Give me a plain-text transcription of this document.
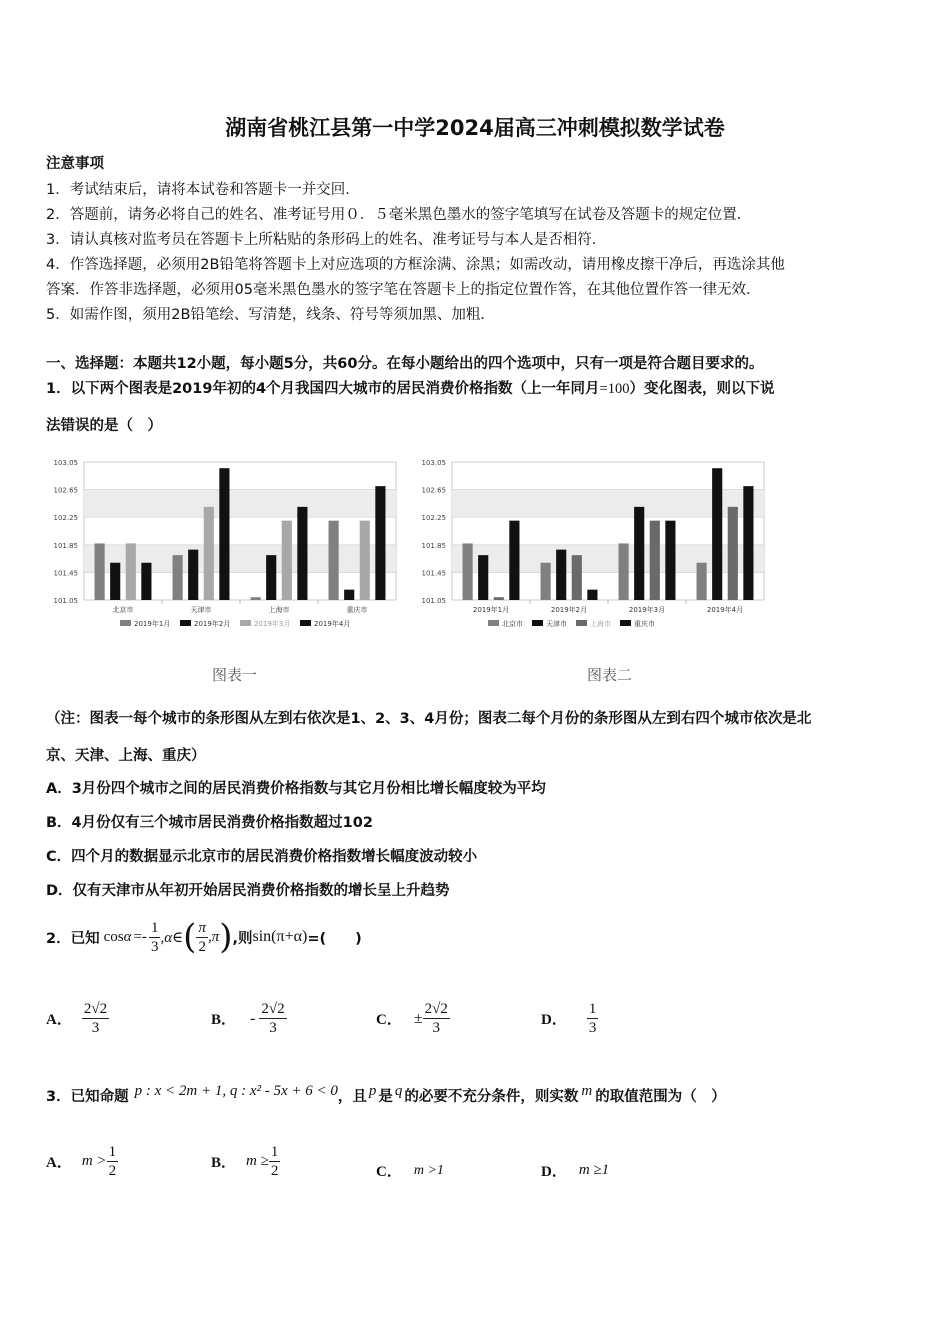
湖南省桃江县第一中学2024届高三冲刺模拟数学试卷
注意事项
1．考试结束后，请将本试卷和答题卡一并交回．
2．答题前，请务必将自己的姓名、准考证号用０．５毫米黑色墨水的签字笔填写在试卷及答题卡的规定位置．
3．请认真核对监考员在答题卡上所粘贴的条形码上的姓名、准考证号与本人是否相符．
4．作答选择题，必须用2B铅笔将答题卡上对应选项的方框涂满、涂黑；如需改动，请用橡皮擦干净后，再选涂其他
答案．作答非选择题，必须用05毫米黑色墨水的签字笔在答题卡上的指定位置作答，在其他位置作答一律无效．
5．如需作图，须用2B铅笔绘、写清楚，线条、符号等须加黑、加粗．
一、选择题：本题共12小题，每小题5分，共60分。在每小题给出的四个选项中，只有一项是符合题目要求的。
1．以下两个图表是2019年初的4个月我国四大城市的居民消费价格指数（上一年同月=100）变化图表，则以下说
法错误的是（　）
103.05
102.65
102.25
101.85
101.45
101.05
北京市	天津市	上海市	重庆市
2019年1月	2019年2月	2019年3月	2019年4月
103.05
102.65
102.25
101.85
101.45
101.05
2019年1月	2019年2月	2019年3月	2019年4月
北京市	天津市	上海市	重庆市
图表一	图表二
（注：图表一每个城市的条形图从左到右依次是1、2、3、4月份；图表二每个月份的条形图从左到右四个城市依次是北
京、天津、上海、重庆）
A．3月份四个城市之间的居民消费价格指数与其它月份相比增长幅度较为平均
B．4月份仅有三个城市居民消费价格指数超过102
C．四个月的数据显示北京市的居民消费价格指数增长幅度波动较小
D．仅有天津市从年初开始居民消费价格指数的增长呈上升趋势
2．已知 $\cos \alpha =- \frac{1}{3}$ ,α∈ ( $\frac{\pi}{2} ,\pi$ ) ,则 sin(π+α) =(　　)
A． $\frac{2√2}{3}$	B． - $\frac{2√2}{3}$	C． ± $\frac{2√2}{3}$	D． $\frac{1}{3}$
3．已知命题 p : x < 2m + 1, q : x² - 5x + 6 < 0 ，且 p 是 q 的必要不充分条件，则实数 m 的取值范围为（　）
A． $m > \frac{1}{2}$	B． $m \ge \frac{1}{2}$	C． m >1	D． m ≥1
